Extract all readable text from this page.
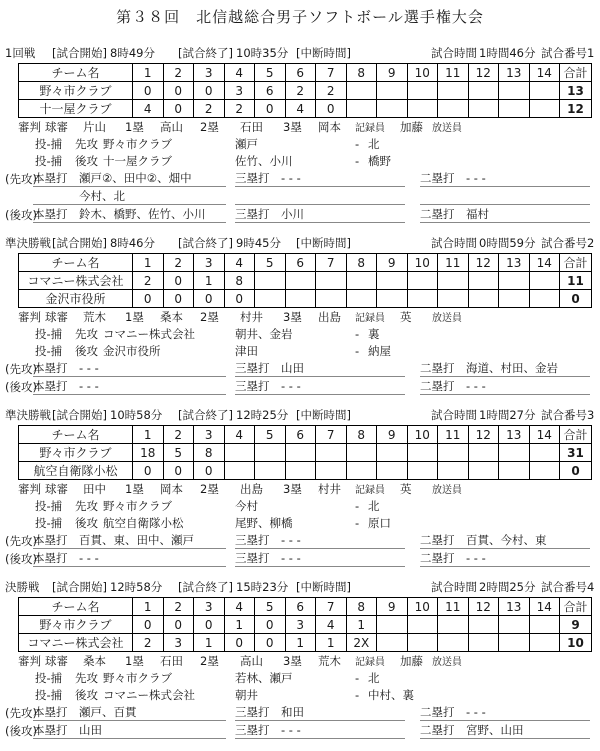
第３８回　北信越総合男子ソフトボール選手権大会
1回戦	[試合開始] 8時49分	[試合終了] 10時35分 [中断時間]	試合時間 1時間46分 試合番号1
チーム名	1	2	3	4	5	6	7	8	9	10	11	12	13	14	合計
野々市クラブ	0	0	0	3	6	2	2								13
十一屋クラブ	4	0	2	2	0	4	0								12
審判 球審	片山	1塁	高山	2塁	石田	3塁	岡本	記録員	加藤 放送員
投-捕	先攻 野々市クラブ	瀬戸	- 北
投-捕	後攻 十一屋クラブ	佐竹、小川	- 橋野
(先攻)
本塁打	瀬戸②、田中②、畑中	三塁打	- - -	二塁打	- - -
今村、北
(後攻)
本塁打	鈴木、橋野、佐竹、小川	三塁打	小川	二塁打	福村
準決勝戦 [試合開始] 8時46分	[試合終了] 9時45分	[中断時間]	試合時間 0時間59分 試合番号2
チーム名	1	2	3	4	5	6	7	8	9	10	11	12	13	14	合計
コマニー株式会社	2	0	1	8											11
金沢市役所	0	0	0	0											0
審判 球審	荒木	1塁	桑本	2塁	村井	3塁	出島	記録員	英	放送員
投-捕	先攻 コマニー株式会社	朝井、金岩	- 裏
投-捕	後攻 金沢市役所	津田	- 納屋
(先攻)
本塁打	- - -	三塁打	山田	二塁打	海道、村田、金岩
(後攻)
本塁打	- - -	三塁打	- - -	二塁打	- - -
準決勝戦 [試合開始] 10時58分	[試合終了] 12時25分 [中断時間]	試合時間 1時間27分 試合番号3
チーム名	1	2	3	4	5	6	7	8	9	10	11	12	13	14	合計
野々市クラブ	18	5	8												31
航空自衛隊小松	0	0	0												0
審判 球審	田中	1塁	岡本	2塁	出島	3塁	村井	記録員	英	放送員
投-捕	先攻 野々市クラブ	今村	- 北
投-捕	後攻 航空自衛隊小松	尾野、柳橋	- 原口
(先攻)
本塁打	百貫、東、田中、瀬戸	三塁打	- - -	二塁打	百貫、今村、東
(後攻)
本塁打	- - -	三塁打	- - -	二塁打	- - -
決勝戦	[試合開始] 12時58分	[試合終了] 15時23分 [中断時間]	試合時間 2時間25分 試合番号4
チーム名	1	2	3	4	5	6	7	8	9	10	11	12	13	14	合計
野々市クラブ	0	0	0	1	0	3	4	1							9
コマニー株式会社	2	3	1	0	0	1	1	2X							10
審判 球審	桑本	1塁	石田	2塁	高山	3塁	荒木	記録員	加藤 放送員
投-捕	先攻 野々市クラブ	若林、瀬戸	- 北
投-捕	後攻 コマニー株式会社	朝井	- 中村、裏
(先攻)
本塁打	瀬戸、百貫	三塁打	和田	二塁打	- - -
(後攻)
本塁打	山田	三塁打	- - -	二塁打	宮野、山田
